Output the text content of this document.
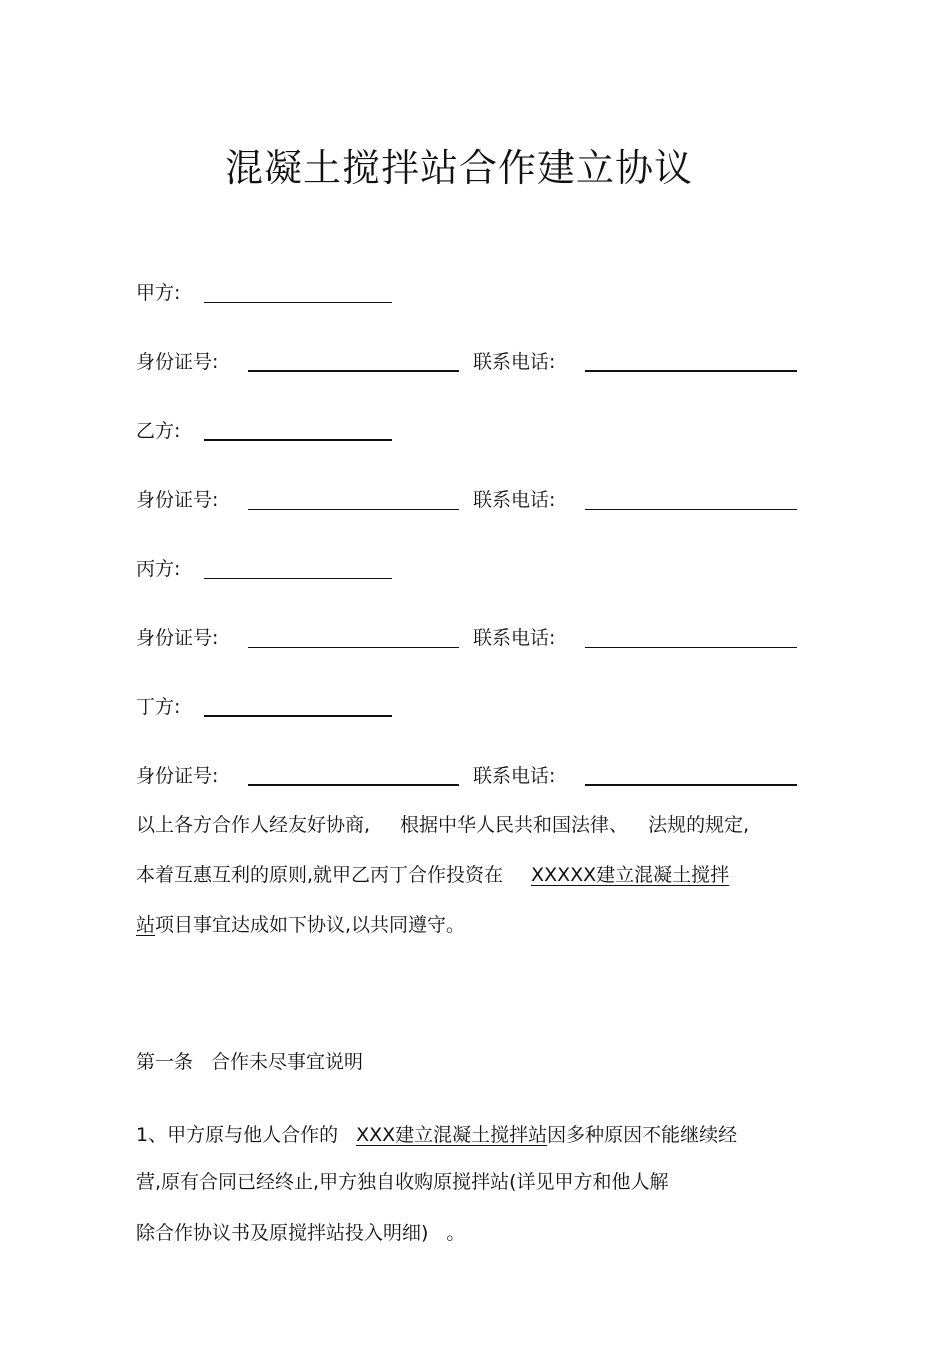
混凝土搅拌站合作建立协议
甲方:
身份证号:	联系电话:
乙方:
身份证号:	联系电话:
丙方:
身份证号:	联系电话:
丁方:
身份证号:	联系电话:
以上各方合作人经友好协商, 根据中华人民共和国法律、 法规的规定,
本着互惠互利的原则,就甲乙丙丁合作投资在 XXXXX建立混凝土搅拌
站项目事宜达成如下协议,以共同遵守。
第一条 合作未尽事宜说明
1、甲方原与他人合作的 XXX建立混凝土搅拌站因多种原因不能继续经
营,原有合同已经终止,甲方独自收购原搅拌站(详见甲方和他人解
除合作协议书及原搅拌站投入明细) 。
